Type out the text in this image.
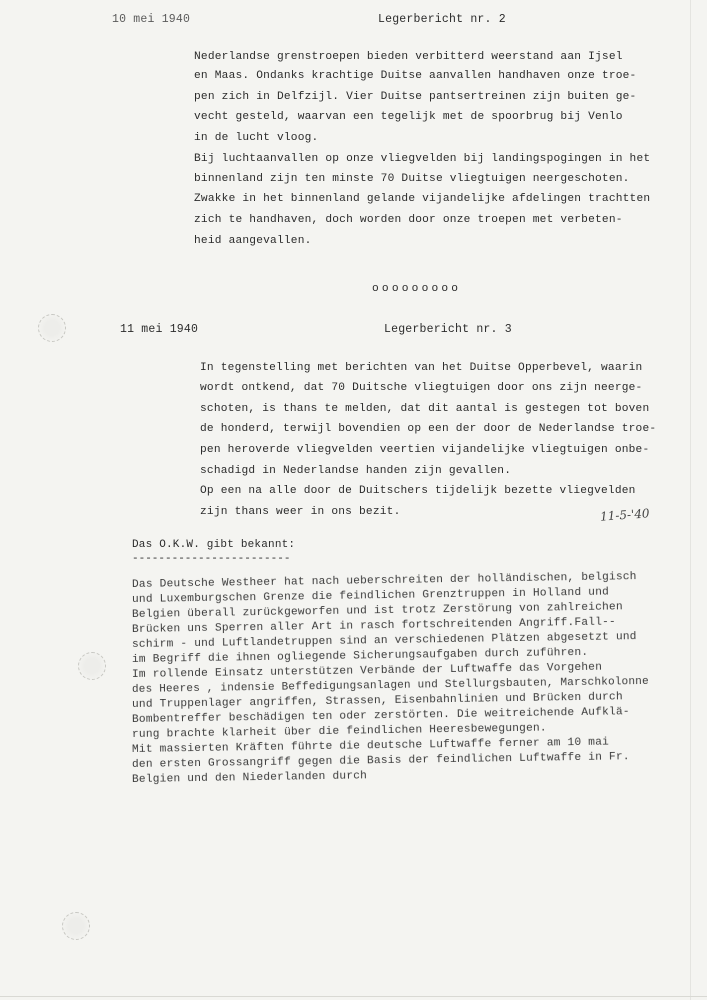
10 mei 1940	Legerbericht nr. 2
Nederlandse grenstroepen bieden verbitterd weerstand aan Ijsel
en Maas. Ondanks krachtige Duitse aanvallen handhaven onze troe-
pen zich in Delfzijl. Vier Duitse pantsertreinen zijn buiten ge-
vecht gesteld, waarvan een tegelijk met de spoorbrug bij Venlo
in de lucht vloog.
Bij luchtaanvallen op onze vliegvelden bij landingspogingen in het
binnenland zijn ten minste 70 Duitse vliegtuigen neergeschoten.
Zwakke in het binnenland gelande vijandelijke afdelingen trachtten
zich te handhaven, doch worden door onze troepen met verbeten-
heid aangevallen.
ooooooooo
11 mei 1940	Legerbericht nr. 3
In tegenstelling met berichten van het Duitse Opperbevel, waarin
wordt ontkend, dat 70 Duitsche vliegtuigen door ons zijn neerge-
schoten, is thans te melden, dat dit aantal is gestegen tot boven
de honderd, terwijl bovendien op een der door de Nederlandse troe-
pen heroverde vliegvelden veertien vijandelijke vliegtuigen onbe-
schadigd in Nederlandse handen zijn gevallen.
Op een na alle door de Duitschers tijdelijk bezette vliegvelden
zijn thans weer in ons bezit.	11-5-'40
Das O.K.W. gibt bekannt:
------------------------
Das Deutsche Westheer hat nach ueberschreiten der holländischen, belgisch
und Luxemburgschen Grenze die feindlichen Grenztruppen in Holland und
Belgien überall zurückgeworfen und ist trotz Zerstörung von zahlreichen
Brücken uns Sperren aller Art in rasch fortschreitenden Angriff.Fall--
schirm - und Luftlandetruppen sind an verschiedenen Plätzen abgesetzt und
im Begriff die ihnen ogliegende Sicherungsaufgaben durch zuführen.
Im rollende Einsatz unterstützen Verbände der Luftwaffe das Vorgehen
des Heeres , indensie Beffedigungsanlagen und Stellurgsbauten, Marschkolonne
und Truppenlager angriffen, Strassen, Eisenbahnlinien und Brücken durch
Bombentreffer beschädigen ten oder zerstörten. Die weitreichende Aufklä-
rung brachte klarheit über die feindlichen Heeresbewegungen.
Mit massierten Kräften führte die deutsche Luftwaffe ferner am 10 mai
den ersten Grossangriff gegen die Basis der feindlichen Luftwaffe in Fr.
Belgien und den Niederlanden durch
